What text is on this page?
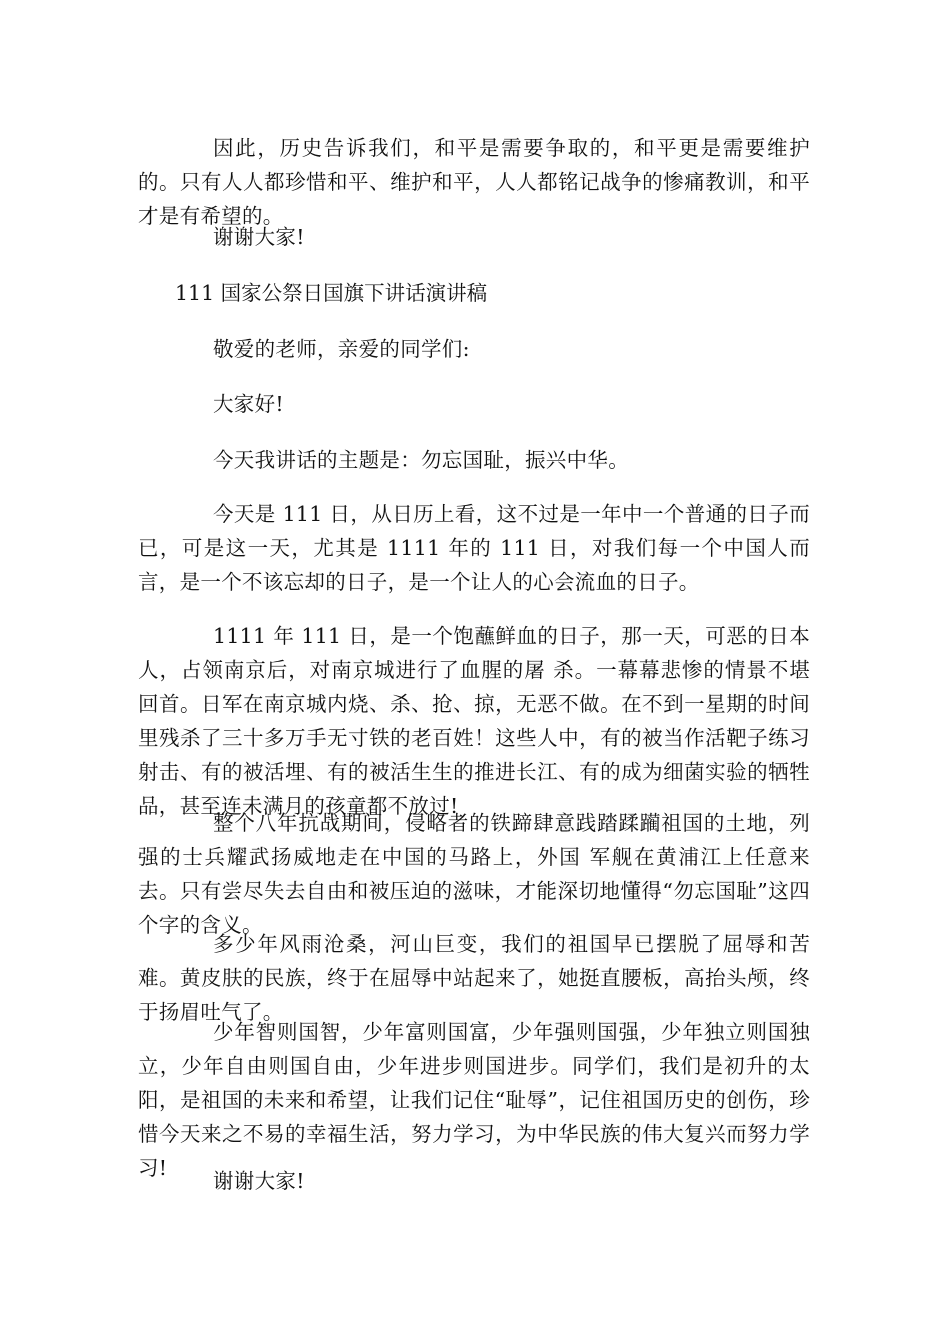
因此，历史告诉我们，和平是需要争取的，和平更是需要维护的。只有人人都珍惜和平、维护和平，人人都铭记战争的惨痛教训，和平才是有希望的。

谢谢大家!

111 国家公祭日国旗下讲话演讲稿

敬爱的老师，亲爱的同学们:

大家好!

今天我讲话的主题是：勿忘国耻，振兴中华。

今天是 111 日，从日历上看，这不过是一年中一个普通的日子而已，可是这一天，尤其是 1111 年的 111 日，对我们每一个中国人而言，是一个不该忘却的日子，是一个让人的心会流血的日子。

1111 年 111 日，是一个饱蘸鲜血的日子，那一天，可恶的日本人，占领南京后，对南京城进行了血腥的屠 杀。一幕幕悲惨的情景不堪回首。日军在南京城内烧、杀、抢、掠，无恶不做。在不到一星期的时间里残杀了三十多万手无寸铁的老百姓！这些人中，有的被当作活靶子练习射击、有的被活埋、有的被活生生的推进长江、有的成为细菌实验的牺牲品，甚至连未满月的孩童都不放过!

整个八年抗战期间，侵略者的铁蹄肆意践踏蹂躏祖国的土地，列强的士兵耀武扬威地走在中国的马路上，外国 军舰在黄浦江上任意来去。只有尝尽失去自由和被压迫的滋味，才能深切地懂得“勿忘国耻”这四个字的含义。

多少年风雨沧桑，河山巨变，我们的祖国早已摆脱了屈辱和苦难。黄皮肤的民族，终于在屈辱中站起来了，她挺直腰板，高抬头颅，终于扬眉吐气了。

少年智则国智，少年富则国富，少年强则国强，少年独立则国独立，少年自由则国自由，少年进步则国进步。同学们，我们是初升的太阳，是祖国的未来和希望，让我们记住“耻辱”，记住祖国历史的创伤，珍惜今天来之不易的幸福生活，努力学习，为中华民族的伟大复兴而努力学习!

谢谢大家!
